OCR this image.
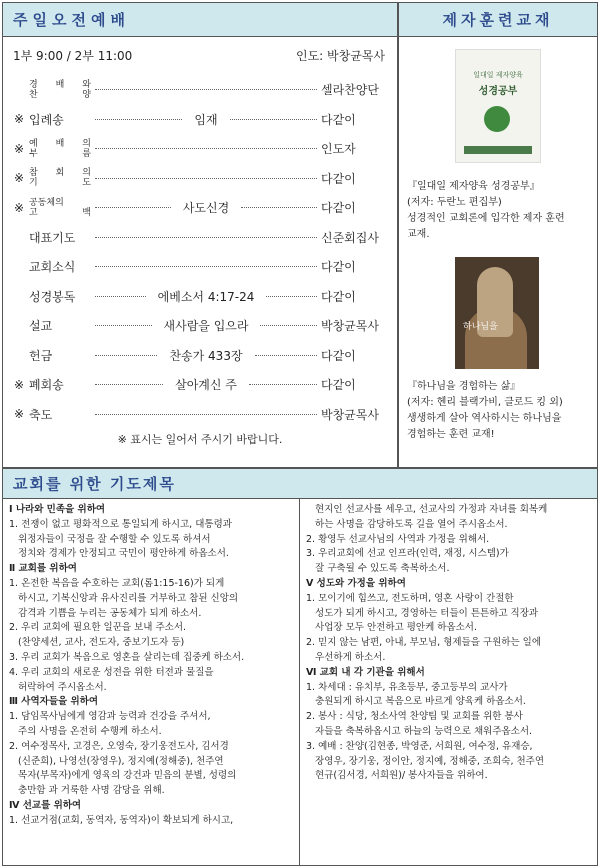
주일오전예배
1부 9:00 / 2부 11:00	인도: 박창균목사
경 배 와
찬 양	셀라찬양단
※ 입례송	임재	다같이
※ 예 배 의
부 름	인도자
※ 참 회 의
기 도	다같이
※ 공동체의
고 백	사도신경	다같이
대표기도	신준회집사
교회소식	다같이
성경봉독	에베소서 4:17-24	다같이
설교	새사람을 입으라	박창균목사
헌금	찬송가 433장	다같이
※ 폐회송	살아계신 주	다같이
※ 축도	박창균목사
※ 표시는 일어서 주시기 바랍니다.
제자훈련교재
일대일 제자양육
성경공부
『일대일 제자양육 성경공부』
(저자: 두란노 편집부)
성경적인 교회론에 입각한 제자 훈련
교재.
하나님을
『하나님을 경험하는 삶』
(저자: 헨리 블랙가비, 클로드 킹 외)
생생하게 살아 역사하시는 하나님을
경험하는 훈련 교재!
교회를 위한 기도제목
Ⅰ 나라와 민족을 위하여
1. 전쟁이 없고 평화적으로 통일되게 하시고, 대통령과
위정자들이 국정을 잘 수행할 수 있도록 하셔서
정치와 경제가 안정되고 국민이 평안하게 하옵소서.
Ⅱ 교회를 위하여
1. 온전한 복음을 수호하는 교회(롬1:15-16)가 되게
하시고, 기복신앙과 유사진리를 거부하고 참된 신앙의
감격과 기쁨을 누리는 공동체가 되게 하소서.
2. 우리 교회에 필요한 일꾼을 보내 주소서.
(찬양세션, 교사, 전도자, 중보기도자 등)
3. 우리 교회가 복음으로 영혼을 살리는데 집중케 하소서.
4. 우리 교회의 새로운 성전을 위한 터전과 물질을
허락하여 주시옵소서.
Ⅲ 사역자들을 위하여
1. 담임목사님에게 영감과 능력과 건강을 주셔서,
주의 사명을 온전히 수행케 하소서.
2. 여수정목사, 고경은, 오영숙, 장기웅전도사, 김서경
(신준희), 나영선(장영우), 정지예(정해중), 천주연
목자(부목자)에게 영육의 강건과 믿음의 분별, 성령의
충만함 과 거룩한 사명 감당을 위해.
Ⅳ 선교를 위하여
1. 선교거점(교회, 동역자, 동역자)이 확보되게 하시고,
현지인 선교사를 세우고, 선교사의 가정과 자녀를 회복케
하는 사명을 감당하도록 길을 열어 주시옵소서.
2. 황영두 선교사님의 사역과 가정을 위해서.
3. 우리교회에 선교 인프라(인력, 재정, 시스템)가
잘 구축될 수 있도록 축복하소서.
Ⅴ 성도와 가정을 위하여
1. 모이기에 힘쓰고, 전도하며, 영혼 사랑이 간절한
성도가 되게 하시고, 경영하는 터들이 튼튼하고 직장과
사업장 모두 안전하고 평안케 하옵소서.
2. 믿지 않는 남편, 아내, 부모님, 형제들을 구원하는 일에
우선하게 하소서.
Ⅵ 교회 내 각 기관을 위해서
1. 차세대 : 유치부, 유초등부, 중고등부의 교사가
충원되게 하시고 복음으로 바르게 양육케 하옵소서.
2. 봉사 : 식당, 청소사역 찬양팀 및 교회를 위한 봉사
자들을 축복하옵시고 하늘의 능력으로 채워주옵소서.
3. 예배 : 찬양(김현종, 박영준, 서희원, 여수정, 유재승,
장영우, 장기웅, 정이안, 정지예, 정해중, 조희숙, 천주연
현규(김서경, 서희원)/ 봉사자들을 위하여.
